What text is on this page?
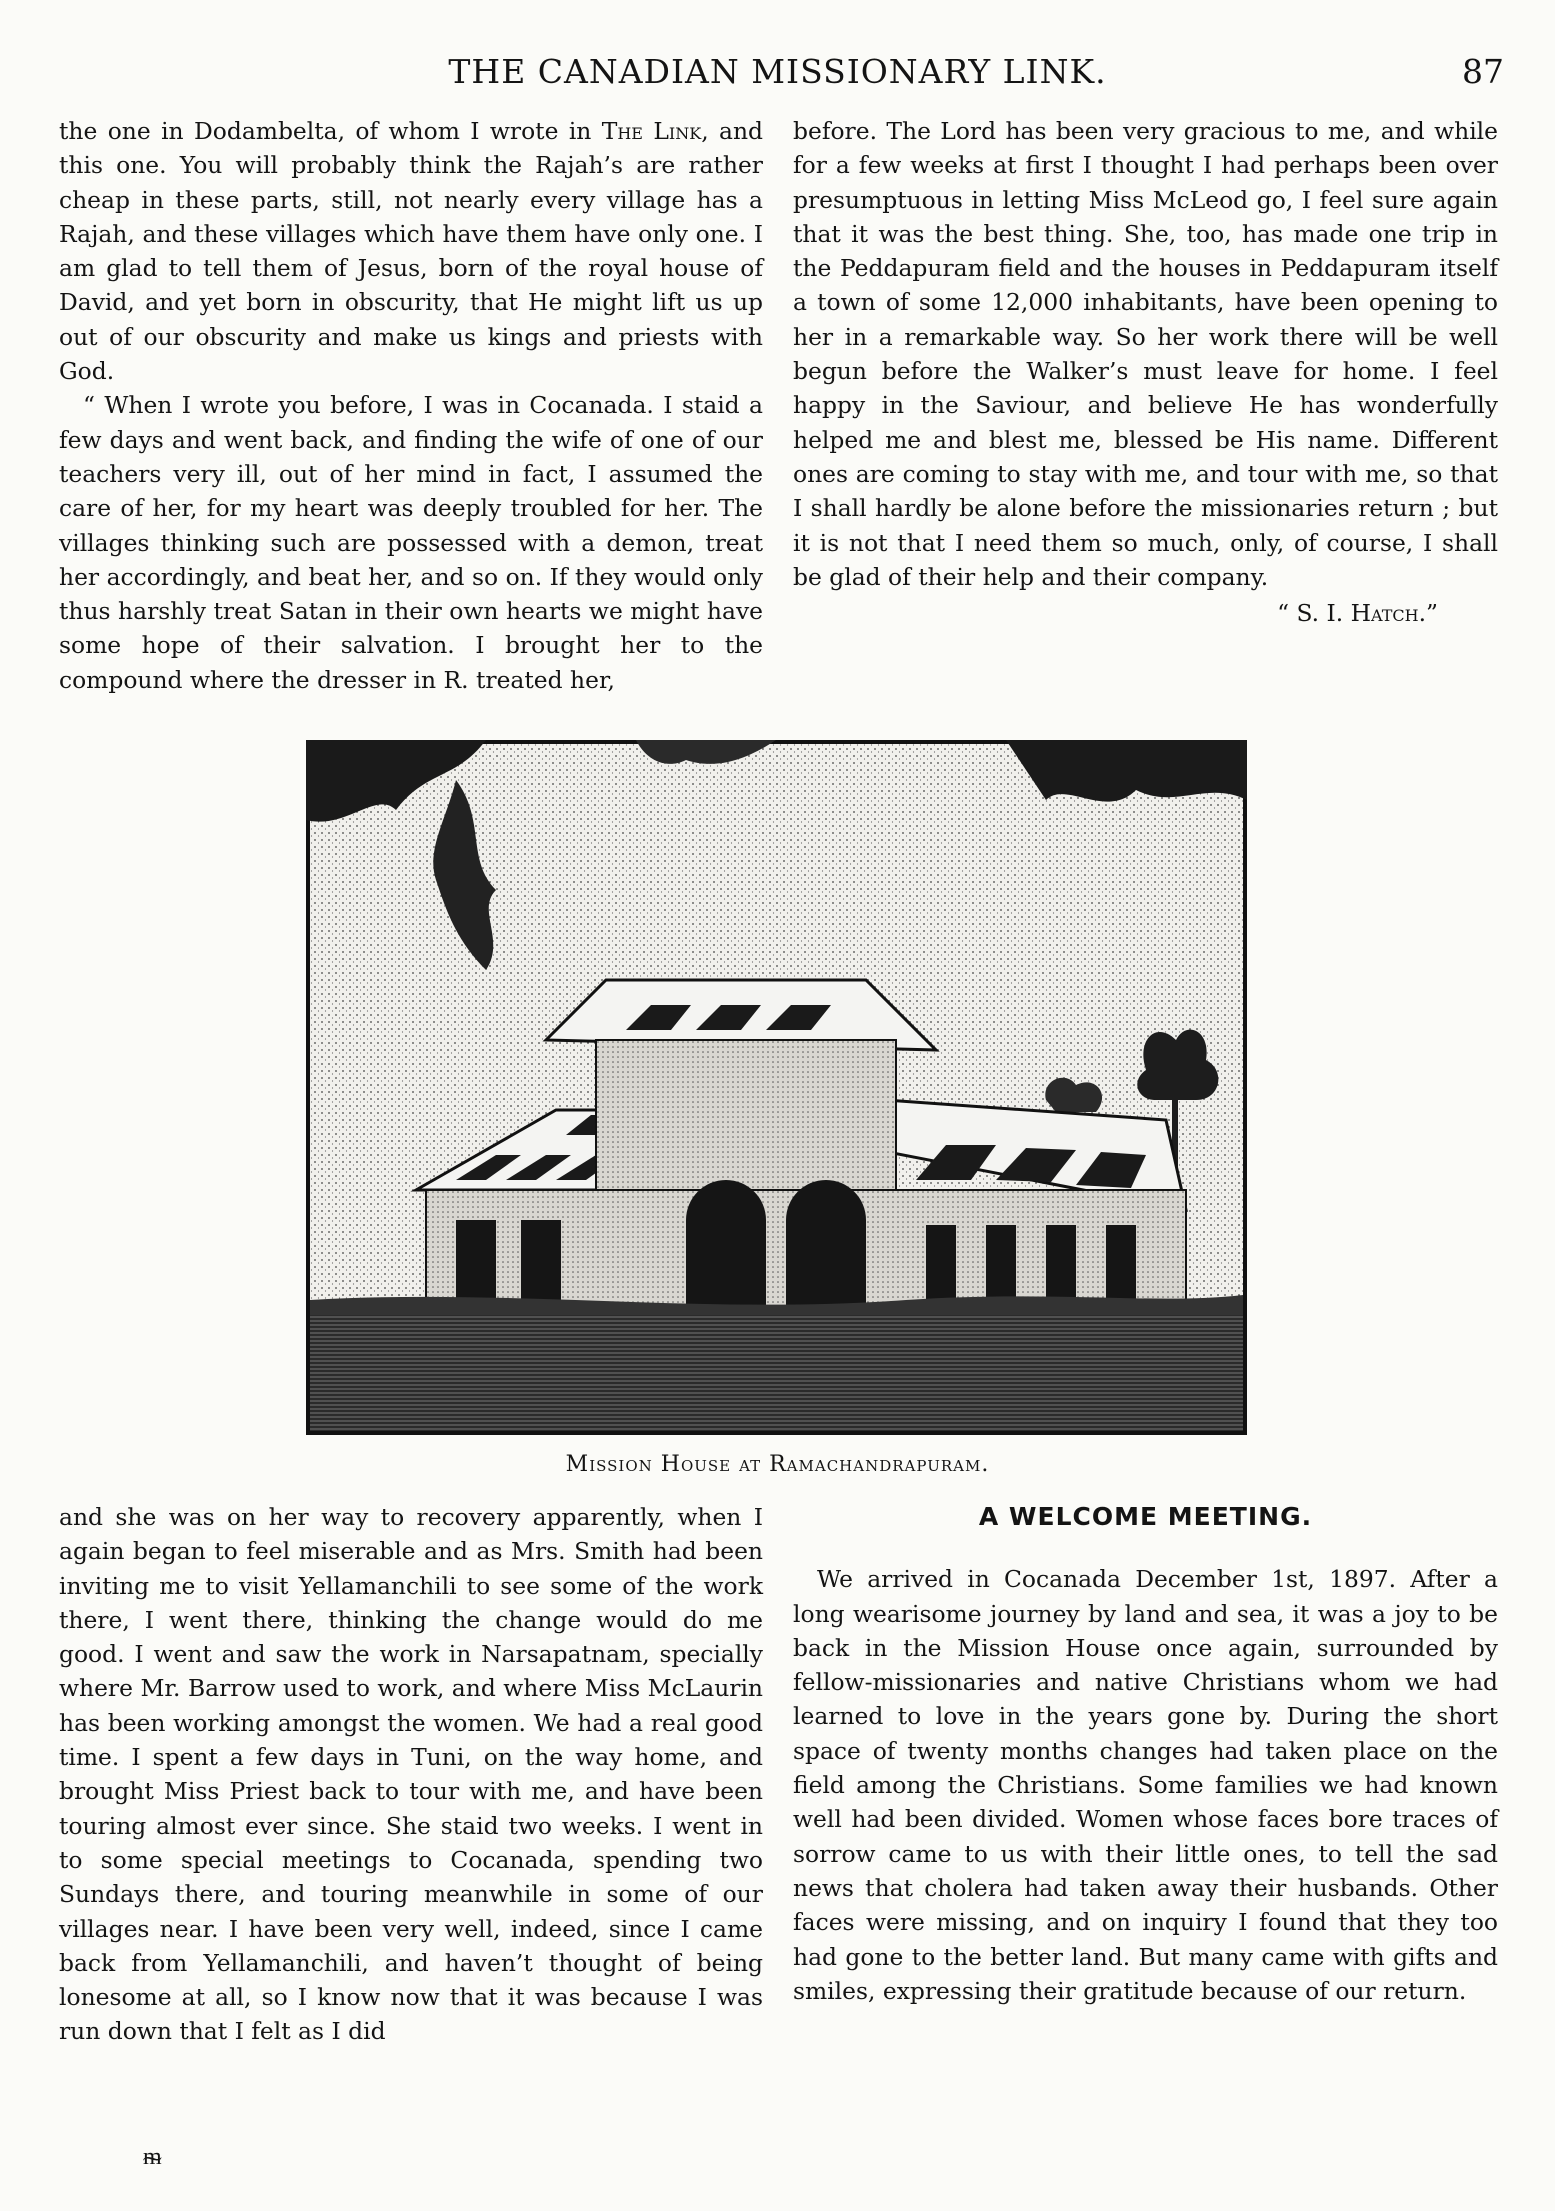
THE CANADIAN MISSIONARY LINK.	87

the one in Dodambelta, of whom I wrote in The Link, and this one. You will probably think the Rajah’s are rather cheap in these parts, still, not nearly every village has a Rajah, and these villages which have them have only one. I am glad to tell them of Jesus, born of the royal house of David, and yet born in obscurity, that He might lift us up out of our obscurity and make us kings and priests with God.

“ When I wrote you before, I was in Cocanada. I staid a few days and went back, and finding the wife of one of our teachers very ill, out of her mind in fact, I assumed the care of her, for my heart was deeply troubled for her. The villages thinking such are possessed with a demon, treat her accordingly, and beat her, and so on. If they would only thus harshly treat Satan in their own hearts we might have some hope of their salvation. I brought her to the compound where the dresser in R. treated her,

before. The Lord has been very gracious to me, and while for a few weeks at first I thought I had perhaps been over presumptuous in letting Miss McLeod go, I feel sure again that it was the best thing. She, too, has made one trip in the Peddapuram field and the houses in Peddapuram itself a town of some 12,000 inhabitants, have been opening to her in a remarkable way. So her work there will be well begun before the Walker’s must leave for home. I feel happy in the Saviour, and believe He has wonderfully helped me and blest me, blessed be His name. Different ones are coming to stay with me, and tour with me, so that I shall hardly be alone before the missionaries return ; but it is not that I need them so much, only, of course, I shall be glad of their help and their company.

“ S. I. Hatch.”

Mission House at Ramachandrapuram.

and she was on her way to recovery apparently, when I again began to feel miserable and as Mrs. Smith had been inviting me to visit Yellamanchili to see some of the work there, I went there, thinking the change would do me good. I went and saw the work in Narsapatnam, specially where Mr. Barrow used to work, and where Miss McLaurin has been working amongst the women. We had a real good time. I spent a few days in Tuni, on the way home, and brought Miss Priest back to tour with me, and have been touring almost ever since. She staid two weeks. I went in to some special meetings to Cocanada, spending two Sundays there, and touring meanwhile in some of our villages near. I have been very well, indeed, since I came back from Yellamanchili, and haven’t thought of being lonesome at all, so I know now that it was because I was run down that I felt as I did

A WELCOME MEETING.

We arrived in Cocanada December 1st, 1897. After a long wearisome journey by land and sea, it was a joy to be back in the Mission House once again, surrounded by fellow-missionaries and native Christians whom we had learned to love in the years gone by. During the short space of twenty months changes had taken place on the field among the Christians. Some families we had known well had been divided. Women whose faces bore traces of sorrow came to us with their little ones, to tell the sad news that cholera had taken away their husbands. Other faces were missing, and on inquiry I found that they too had gone to the better land. But many came with gifts and smiles, expressing their gratitude because of our return.

ᵯ
